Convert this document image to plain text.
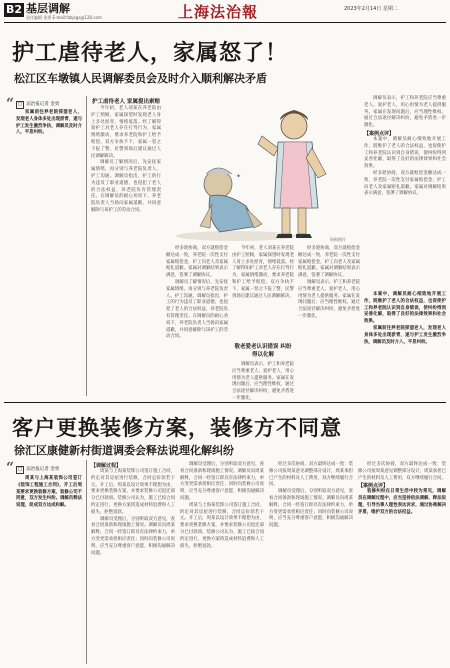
B2 基层调解
责任编辑 金勇 E-mail:fzbjcgs@126.com	上海法治報	2023年2月14日 星期二
护工虐待老人，家属怒了！
松江区车墩镇人民调解委员会及时介入顺利解决矛盾
“ □ 法治报记者 金勇

家属前往养老院探望老人，发现老人身体多处出现淤青，遂与护工发生激烈争执，调解员及时介入，平息纠纷。

护工虐待老人 家属提出索赔

今年初，老人刘某在养老院由护工照顾，家属探望时发现老人身上多处淤青，情绪低落。经了解得知护工对老人存在打骂行为，家属情绪激动，要求养老院和护工给予赔偿。双方争执不下，家属一怒之下报了警，民警到场后建议通过人民调解解决。

调解员了解情况后，先安抚家属情绪，再分别与养老院负责人、护工沟通。调解员指出，护工的行为违反了职业道德，也侵犯了老人的合法权益，养老院负有管理责任。在调解员的耐心劝说下，养老院负责人当场向家属道歉，并同意解除与该护工的劳动合同。

✦
资料图片

经多轮协商，双方就赔偿金额达成一致，养老院一次性支付家属赔偿金，护工向老人及家属赔礼道歉。家属对调解结果表示满意，签署了调解协议。

调解员了解情况后，先安抚家属情绪，再分别与养老院负责人、护工沟通。调解员指出，护工的行为违反了职业道德，也侵犯了老人的合法权益，养老院负有管理责任。在调解员的耐心劝说下，养老院负责人当场向家属道歉，并同意解除与该护工的劳动合同。

今年初，老人刘某在养老院由护工照顾，家属探望时发现老人身上多处淤青，情绪低落。经了解得知护工对老人存在打骂行为，家属情绪激动，要求养老院和护工给予赔偿。双方争执不下，家属一怒之下报了警，民警到场后建议通过人民调解解决。

敬老爱老认识错误 纠纷得以化解

调解员表示，护工和养老院应当尊重老人、爱护老人，用心用情为老人提供服务。家属在发现问题后，应当理性维权，通过合法途径解决纠纷，避免矛盾进一步激化。

经多轮协商，双方就赔偿金额达成一致，养老院一次性支付家属赔偿金，护工向老人及家属赔礼道歉。家属对调解结果表示满意，签署了调解协议。

调解员表示，护工和养老院应当尊重老人、爱护老人，用心用情为老人提供服务。家属在发现问题后，应当理性维权，通过合法途径解决纠纷，避免矛盾进一步激化。

调解员表示，护工和养老院应当尊重老人、爱护老人，用心用情为老人提供服务。家属在发现问题后，应当理性维权，通过合法途径解决纠纷，避免矛盾进一步激化。

【案例点评】

本案中，调解员耐心细致地开展工作，既维护了老人的合法权益，也促使护工和养老院认识到自身错误，使纠纷得到妥善化解，取得了良好的法律效果和社会效果。

经多轮协商，双方就赔偿金额达成一致，养老院一次性支付家属赔偿金，护工向老人及家属赔礼道歉。家属对调解结果表示满意，签署了调解协议。

本案中，调解员耐心细致地开展工作，既维护了老人的合法权益，也促使护工和养老院认识到自身错误，使纠纷得到妥善化解，取得了良好的法律效果和社会效果。

家属前往养老院探望老人，发现老人身体多处出现淤青，遂与护工发生激烈争执，调解员及时介入，平息纠纷。

客户更换装修方案，装修方不同意
徐汇区康健新村街道调委会释法说理化解纠纷
“ □ 法治报记者 金勇

周某与上海某装饰公司签订《装饰工程施工合同》，开工后周某要求更换装修方案，装修公司不同意，双方发生纠纷。调解员释法说理，促成双方达成和解。

【调解过程】

周某与上海某装饰公司签订施工合同，约定对其房屋进行装修，合同总价款若干元。开工后，周某以设计效果不理想为由，要求更换装修方案，并要求装修公司退还部分已付款项。装修公司认为，施工已按合同约定进行，更换方案将造成材料浪费和人工损失，拒绝退款。

调解员受理后，分别听取双方意见，查看合同条款和现场施工情况。调解员向周某解释，合同一经签订即具有法律约束力，单方变更需承担相应责任；同时向装修公司说明，应当充分尊重客户意愿，积极沟通解决问题。

调解员受理后，分别听取双方意见，查看合同条款和现场施工情况。调解员向周某解释，合同一经签订即具有法律约束力，单方变更需承担相应责任；同时向装修公司说明，应当充分尊重客户意愿，积极沟通解决问题。

周某与上海某装饰公司签订施工合同，约定对其房屋进行装修，合同总价款若干元。开工后，周某以设计效果不理想为由，要求更换装修方案，并要求装修公司退还部分已付款项。装修公司认为，施工已按合同约定进行，更换方案将造成材料浪费和人工损失，拒绝退款。

经过多次协商，双方最终达成一致：装修公司按周某意见调整部分设计，周某承担已产生的材料及人工费用，双方继续履行合同。

调解员受理后，分别听取双方意见，查看合同条款和现场施工情况。调解员向周某解释，合同一经签订即具有法律约束力，单方变更需承担相应责任；同时向装修公司说明，应当充分尊重客户意愿，积极沟通解决问题。

经过多次协商，双方最终达成一致：装修公司按周某意见调整部分设计，周某承担已产生的材料及人工费用，双方继续履行合同。

【案例点评】

装修纠纷在日常生活中较为常见，调解员在调解过程中，应当坚持依法调解、释法说理，引导当事人理性表达诉求，通过协商解决矛盾，维护双方的合法权益。
